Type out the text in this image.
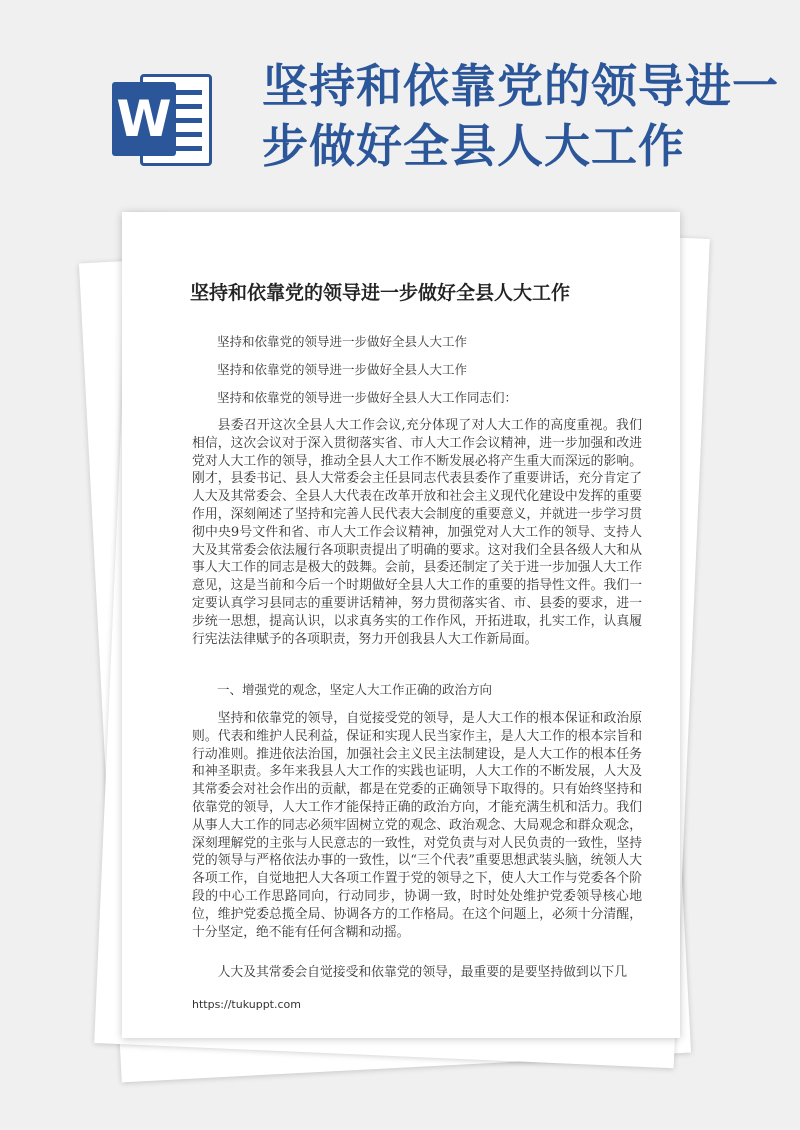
W
坚持和依靠党的领导进一步做好全县人大工作
坚持和依靠党的领导进一步做好全县人大工作
坚持和依靠党的领导进一步做好全县人大工作
坚持和依靠党的领导进一步做好全县人大工作
坚持和依靠党的领导进一步做好全县人大工作同志们：

县委召开这次全县人大工作会议,充分体现了对人大工作的高度重视。我们相信，这次会议对于深入贯彻落实省、市人大工作会议精神，进一步加强和改进党对人大工作的领导，推动全县人大工作不断发展必将产生重大而深远的影响。刚才，县委书记、县人大常委会主任县同志代表县委作了重要讲话，充分肯定了人大及其常委会、全县人大代表在改革开放和社会主义现代化建设中发挥的重要作用，深刻阐述了坚持和完善人民代表大会制度的重要意义，并就进一步学习贯彻中央9号文件和省、市人大工作会议精神，加强党对人大工作的领导、支持人大及其常委会依法履行各项职责提出了明确的要求。这对我们全县各级人大和从事人大工作的同志是极大的鼓舞。会前，县委还制定了关于进一步加强人大工作意见，这是当前和今后一个时期做好全县人大工作的重要的指导性文件。我们一定要认真学习县同志的重要讲话精神，努力贯彻落实省、市、县委的要求，进一步统一思想，提高认识，以求真务实的工作作风，开拓进取，扎实工作，认真履行宪法法律赋予的各项职责，努力开创我县人大工作新局面。

一、增强党的观念，坚定人大工作正确的政治方向

坚持和依靠党的领导，自觉接受党的领导，是人大工作的根本保证和政治原则。代表和维护人民利益，保证和实现人民当家作主，是人大工作的根本宗旨和行动准则。推进依法治国，加强社会主义民主法制建设，是人大工作的根本任务和神圣职责。多年来我县人大工作的实践也证明，人大工作的不断发展，人大及其常委会对社会作出的贡献，都是在党委的正确领导下取得的。只有始终坚持和依靠党的领导，人大工作才能保持正确的政治方向，才能充满生机和活力。我们从事人大工作的同志必须牢固树立党的观念、政治观念、大局观念和群众观念，深刻理解党的主张与人民意志的一致性，对党负责与对人民负责的一致性，坚持党的领导与严格依法办事的一致性，以“三个代表”重要思想武装头脑，统领人大各项工作，自觉地把人大各项工作置于党的领导之下，使人大工作与党委各个阶段的中心工作思路同向，行动同步，协调一致，时时处处维护党委领导核心地位，维护党委总揽全局、协调各方的工作格局。在这个问题上，必须十分清醒，十分坚定，绝不能有任何含糊和动摇。

人大及其常委会自觉接受和依靠党的领导，最重要的是要坚持做到以下几

https://tukuppt.com
